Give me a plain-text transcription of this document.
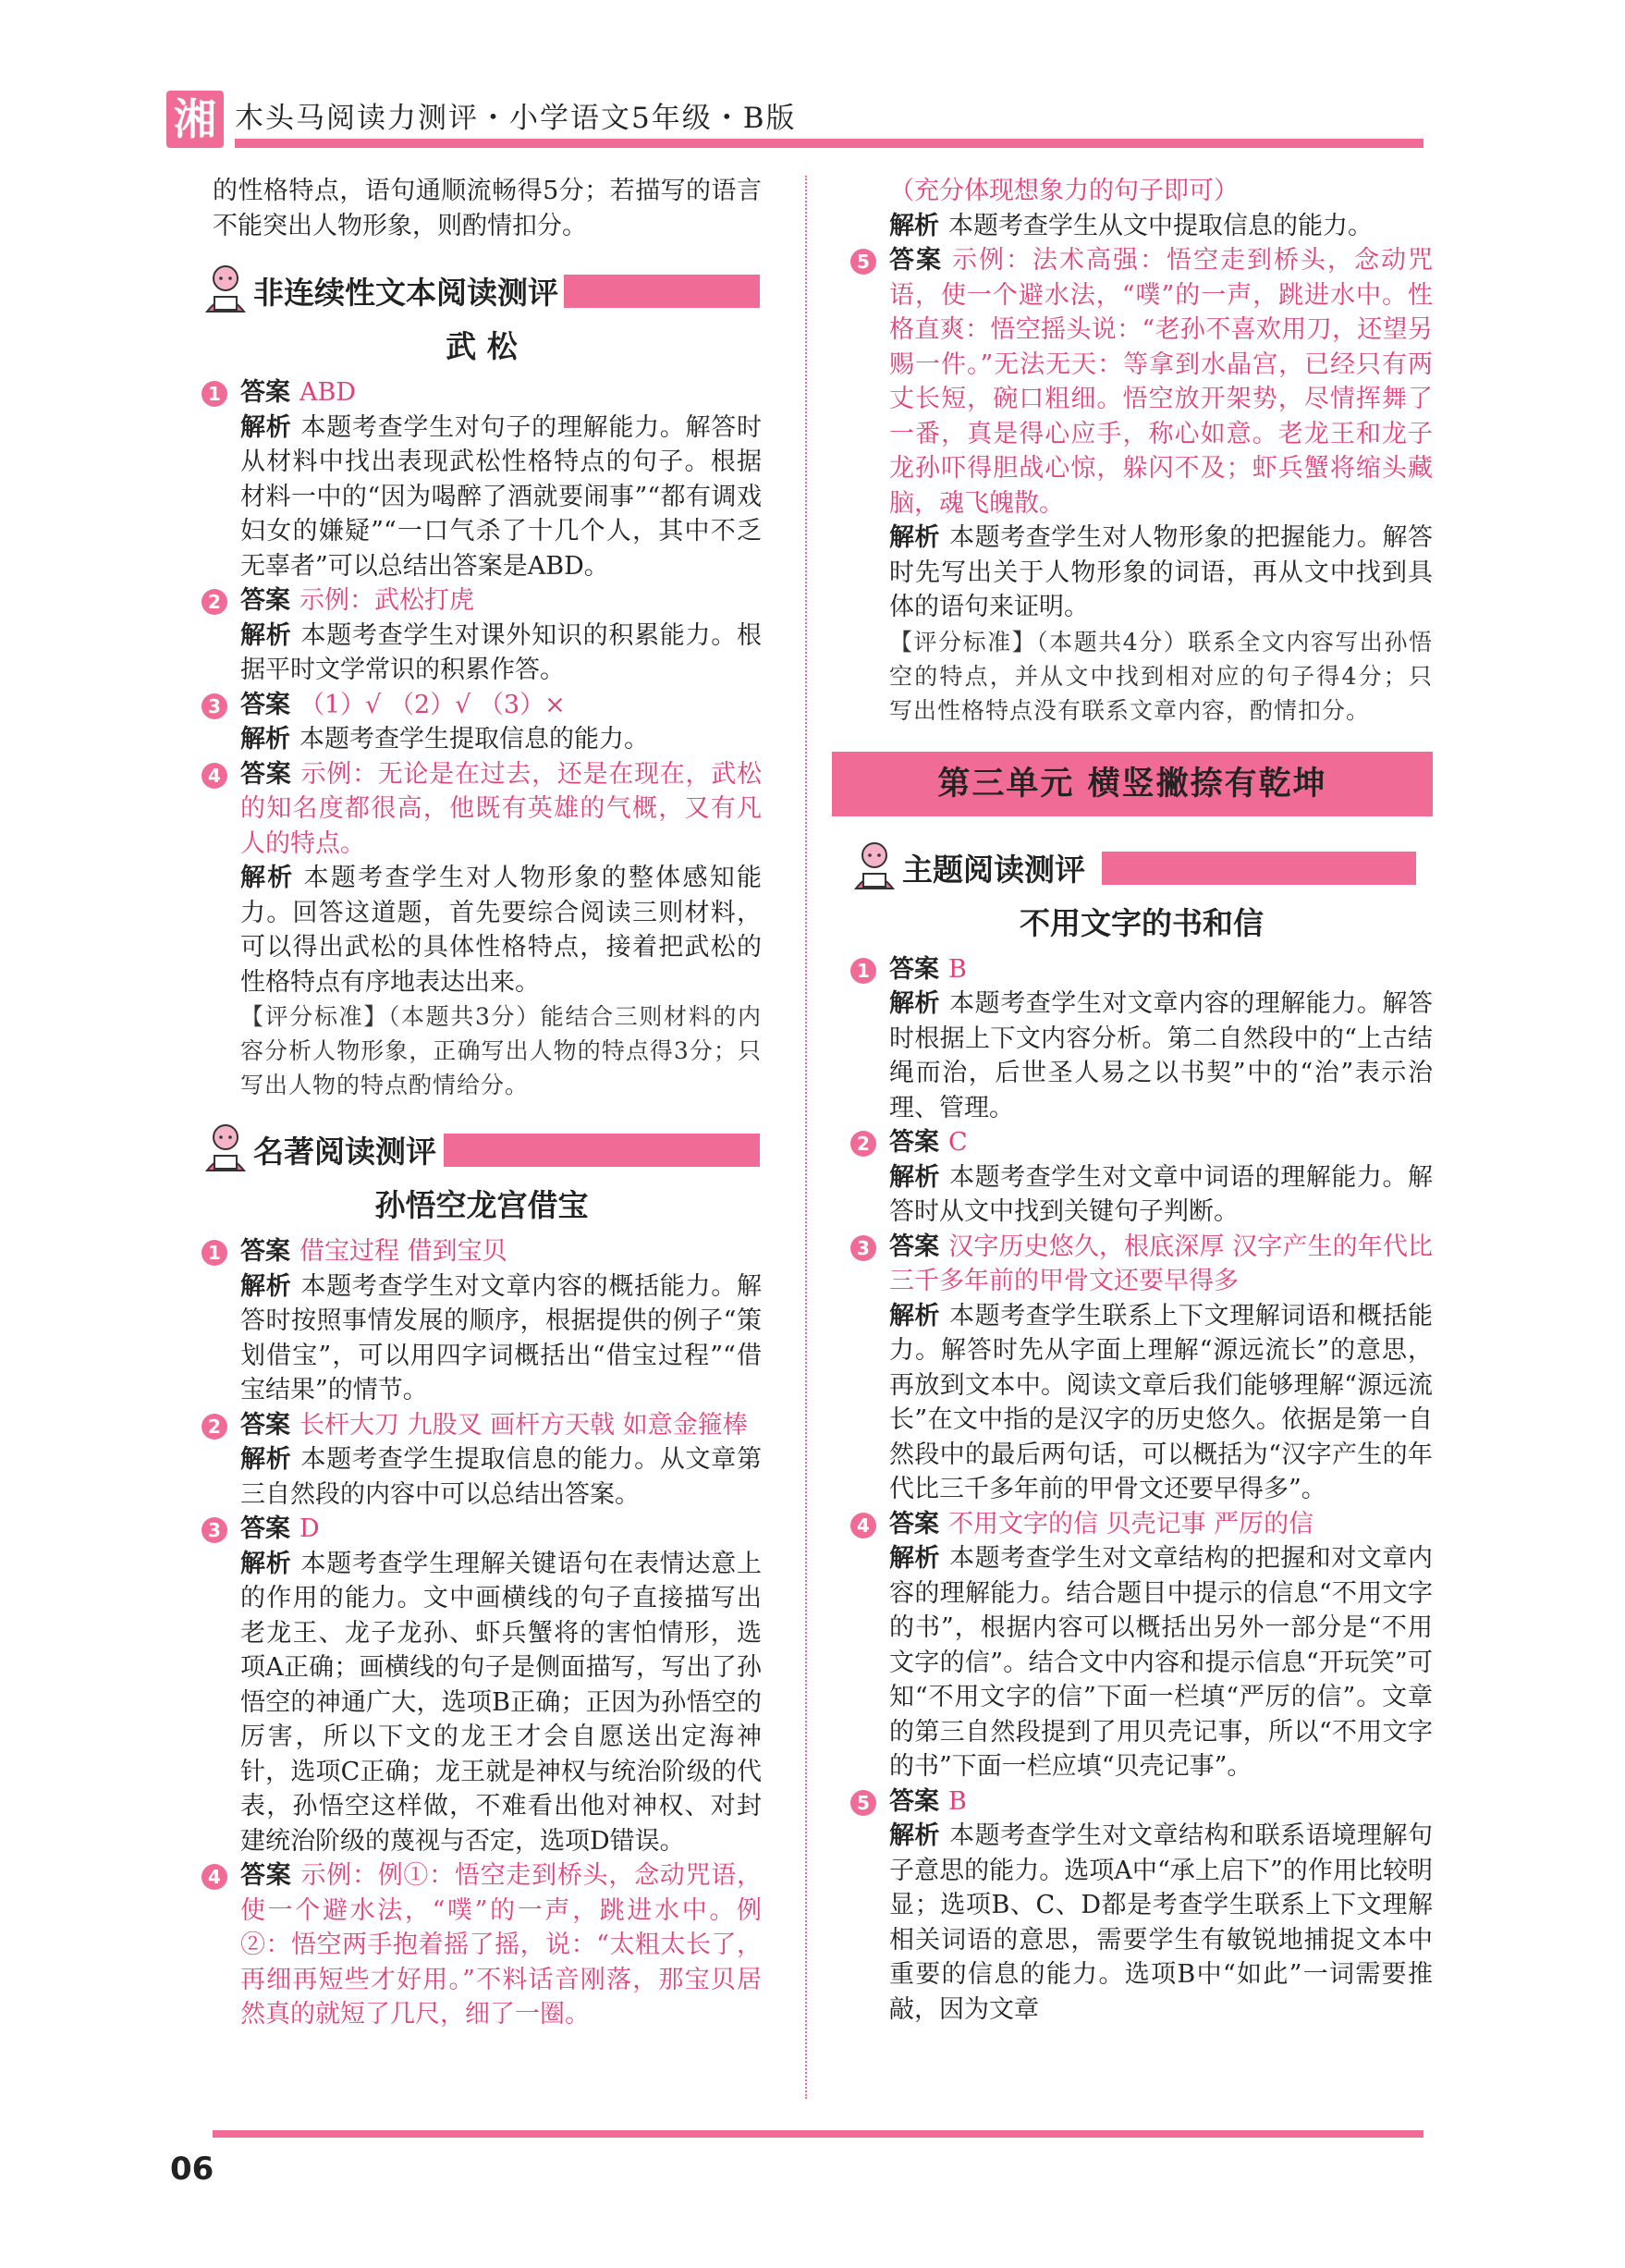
湘 木头马阅读力测评・小学语文5年级・B版
的性格特点，语句通顺流畅得5分；若描写的语言不能突出人物形象，则酌情扣分。
非连续性文本阅读测评
武 松
1 答案 ABD
解析 本题考查学生对句子的理解能力。解答时从材料中找出表现武松性格特点的句子。根据材料一中的“因为喝醉了酒就要闹事”“都有调戏妇女的嫌疑”“一口气杀了十几个人，其中不乏无辜者”可以总结出答案是ABD。
2 答案 示例：武松打虎
解析 本题考查学生对课外知识的积累能力。根据平时文学常识的积累作答。
3 答案 （1）√ （2）√ （3）×
解析 本题考查学生提取信息的能力。
4 答案 示例：无论是在过去，还是在现在，武松的知名度都很高，他既有英雄的气概，又有凡人的特点。
解析 本题考查学生对人物形象的整体感知能力。回答这道题，首先要综合阅读三则材料，可以得出武松的具体性格特点，接着把武松的性格特点有序地表达出来。
【评分标准】（本题共3分）能结合三则材料的内容分析人物形象，正确写出人物的特点得3分；只写出人物的特点酌情给分。
名著阅读测评
孙悟空龙宫借宝
1 答案 借宝过程 借到宝贝
解析 本题考查学生对文章内容的概括能力。解答时按照事情发展的顺序，根据提供的例子“策划借宝”，可以用四字词概括出“借宝过程”“借宝结果”的情节。
2 答案 长杆大刀 九股叉 画杆方天戟 如意金箍棒
解析 本题考查学生提取信息的能力。从文章第三自然段的内容中可以总结出答案。
3 答案 D
解析 本题考查学生理解关键语句在表情达意上的作用的能力。文中画横线的句子直接描写出老龙王、龙子龙孙、虾兵蟹将的害怕情形，选项A正确；画横线的句子是侧面描写，写出了孙悟空的神通广大，选项B正确；正因为孙悟空的厉害，所以下文的龙王才会自愿送出定海神针，选项C正确；龙王就是神权与统治阶级的代表，孙悟空这样做，不难看出他对神权、对封建统治阶级的蔑视与否定，选项D错误。
4 答案 示例：例①：悟空走到桥头，念动咒语，使一个避水法，“噗”的一声，跳进水中。例②：悟空两手抱着摇了摇，说：“太粗太长了，再细再短些才好用。”不料话音刚落，那宝贝居然真的就短了几尺，细了一圈。
（充分体现想象力的句子即可）
解析 本题考查学生从文中提取信息的能力。
5 答案 示例：法术高强：悟空走到桥头，念动咒语，使一个避水法，“噗”的一声，跳进水中。性格直爽：悟空摇头说：“老孙不喜欢用刀，还望另赐一件。”无法无天：等拿到水晶宫，已经只有两丈长短，碗口粗细。悟空放开架势，尽情挥舞了一番，真是得心应手，称心如意。老龙王和龙子龙孙吓得胆战心惊，躲闪不及；虾兵蟹将缩头藏脑，魂飞魄散。
解析 本题考查学生对人物形象的把握能力。解答时先写出关于人物形象的词语，再从文中找到具体的语句来证明。
【评分标准】（本题共4分）联系全文内容写出孙悟空的特点，并从文中找到相对应的句子得4分；只写出性格特点没有联系文章内容，酌情扣分。
第三单元 横竖撇捺有乾坤
主题阅读测评
不用文字的书和信
1 答案 B
解析 本题考查学生对文章内容的理解能力。解答时根据上下文内容分析。第二自然段中的“上古结绳而治，后世圣人易之以书契”中的“治”表示治理、管理。
2 答案 C
解析 本题考查学生对文章中词语的理解能力。解答时从文中找到关键句子判断。
3 答案 汉字历史悠久，根底深厚 汉字产生的年代比三千多年前的甲骨文还要早得多
解析 本题考查学生联系上下文理解词语和概括能力。解答时先从字面上理解“源远流长”的意思，再放到文本中。阅读文章后我们能够理解“源远流长”在文中指的是汉字的历史悠久。依据是第一自然段中的最后两句话，可以概括为“汉字产生的年代比三千多年前的甲骨文还要早得多”。
4 答案 不用文字的信 贝壳记事 严厉的信
解析 本题考查学生对文章结构的把握和对文章内容的理解能力。结合题目中提示的信息“不用文字的书”，根据内容可以概括出另外一部分是“不用文字的信”。结合文中内容和提示信息“开玩笑”可知“不用文字的信”下面一栏填“严厉的信”。文章的第三自然段提到了用贝壳记事，所以“不用文字的书”下面一栏应填“贝壳记事”。
5 答案 B
解析 本题考查学生对文章结构和联系语境理解句子意思的能力。选项A中“承上启下”的作用比较明显；选项B、C、D都是考查学生联系上下文理解相关词语的意思，需要学生有敏锐地捕捉文本中重要的信息的能力。选项B中“如此”一词需要推敲，因为文章
06
